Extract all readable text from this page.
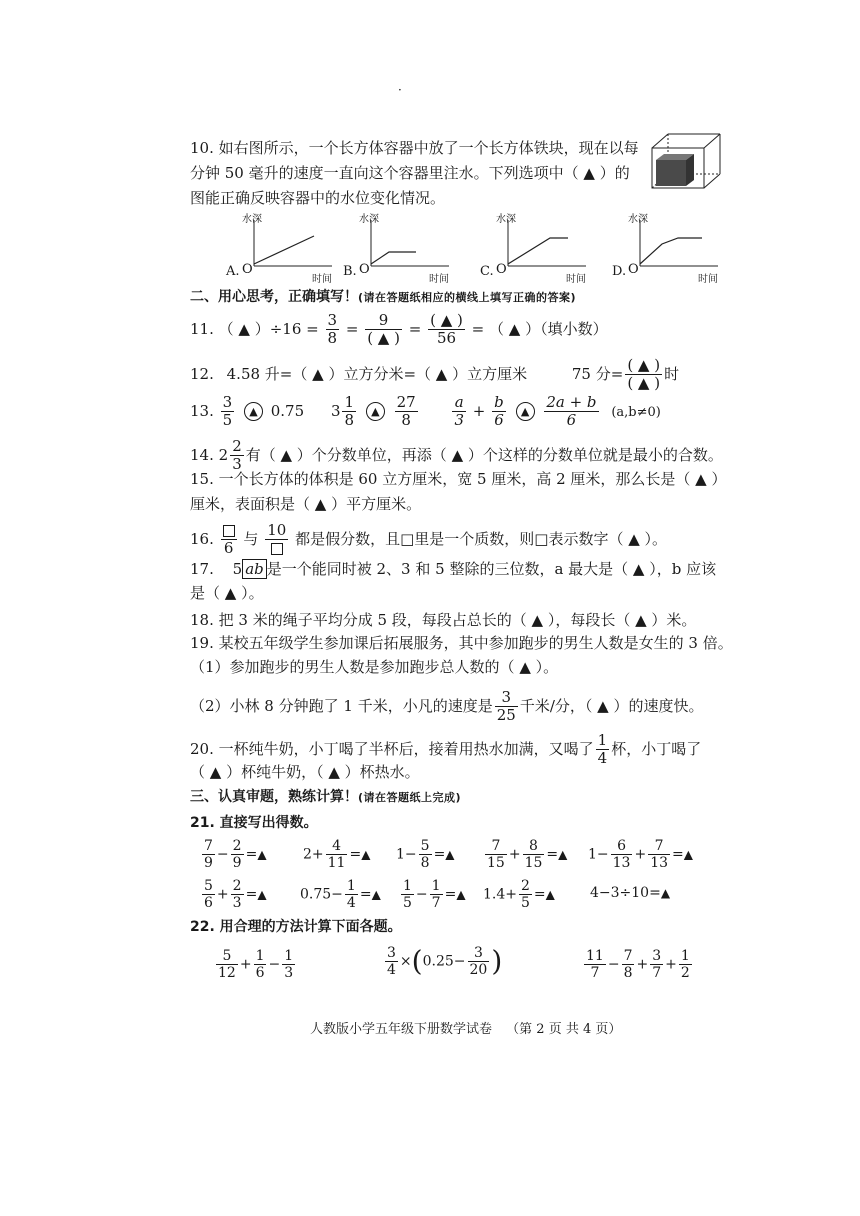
·
10. 如右图所示，一个长方体容器中放了一个长方体铁块，现在以每
分钟 50 毫升的速度一直向这个容器里注水。下列选项中（ ▲ ）的
图能正确反映容器中的水位变化情况。
水深
A. O
时间
水深
B. O
时间
水深
C. O
时间
水深
D. O
时间
二、用心思考，正确填写！(请在答题纸相应的横线上填写正确的答案)
11. （ ▲ ）$\div 16 = \frac{3}{8} = \frac{9}{( ▲ )} = \frac{( ▲ )}{56}$ = （ ▲ ）（填小数）
12. 4.58 升=（ ▲ ）立方分米=（ ▲ ）立方厘米	75 分= $\frac{( ▲ )}{( ▲ )}$ 时
13. $\frac{3}{5}$ ▲ 0.75 $3 \frac{1}{8}$ ▲ $\frac{27}{8}$
$\frac{a}{3} + \frac{b}{6}$ ▲ $\frac{2a + b}{6} (a,b\ne 0)$
14. $2 \frac{2}{3}$ 有（ ▲ ）个分数单位，再添（ ▲ ）个这样的分数单位就是最小的合数。
15. 一个长方体的体积是 60 立方厘米，宽 5 厘米，高 2 厘米，那么长是（ ▲ ）
厘米，表面积是（ ▲ ）平方厘米。
16.
6
与 10 都是假分数，且□里是一个质数，则□表示数字（ ▲ ）。
17. 5 ab 是一个能同时被 2、3 和 5 整除的三位数，a 最大是（ ▲ ），b 应该
是（ ▲ ）。
18. 把 3 米的绳子平均分成 5 段，每段占总长的（ ▲ ），每段长（ ▲ ）米。
19. 某校五年级学生参加课后拓展服务，其中参加跑步的男生人数是女生的 3 倍。
（1）参加跑步的男生人数是参加跑步总人数的（ ▲ ）。
（2）小林 8 分钟跑了 1 千米，小凡的速度是 $\frac{3}{25}$ 千米/分，（ ▲ ）的速度快。
20. 一杯纯牛奶，小丁喝了半杯后，接着用热水加满，又喝了 $\frac{1}{4}$ 杯，小丁喝了
（ ▲ ）杯纯牛奶，（ ▲ ）杯热水。
三、认真审题，熟练计算！(请在答题纸上完成)
21. 直接写出得数。
$\frac{7}{9} - \frac{2}{9}$ =▲	$2+ \frac{4}{11}$ =▲ $1- \frac{5}{8}$ =▲ $\frac{7}{15} + \frac{8}{15}$ =▲ $1- \frac{6}{13} + \frac{7}{13}$ =▲
$\frac{5}{6} + \frac{2}{3}$ =▲ $0.75- \frac{1}{4}$ =▲ $\frac{1}{5} - \frac{1}{7}$ =▲ $1.4+ \frac{2}{5}$ =▲	4−3÷10=▲
22. 用合理的方法计算下面各题。
$\frac{5}{12} + \frac{1}{6} - \frac{1}{3}$	$\frac{3}{4} \times(0.25- \frac{3}{20}$ )	$\frac{11}{7} - \frac{7}{8} + \frac{3}{7} + \frac{1}{2}$
人教版小学五年级下册数学试卷 （第 2 页 共 4 页）
